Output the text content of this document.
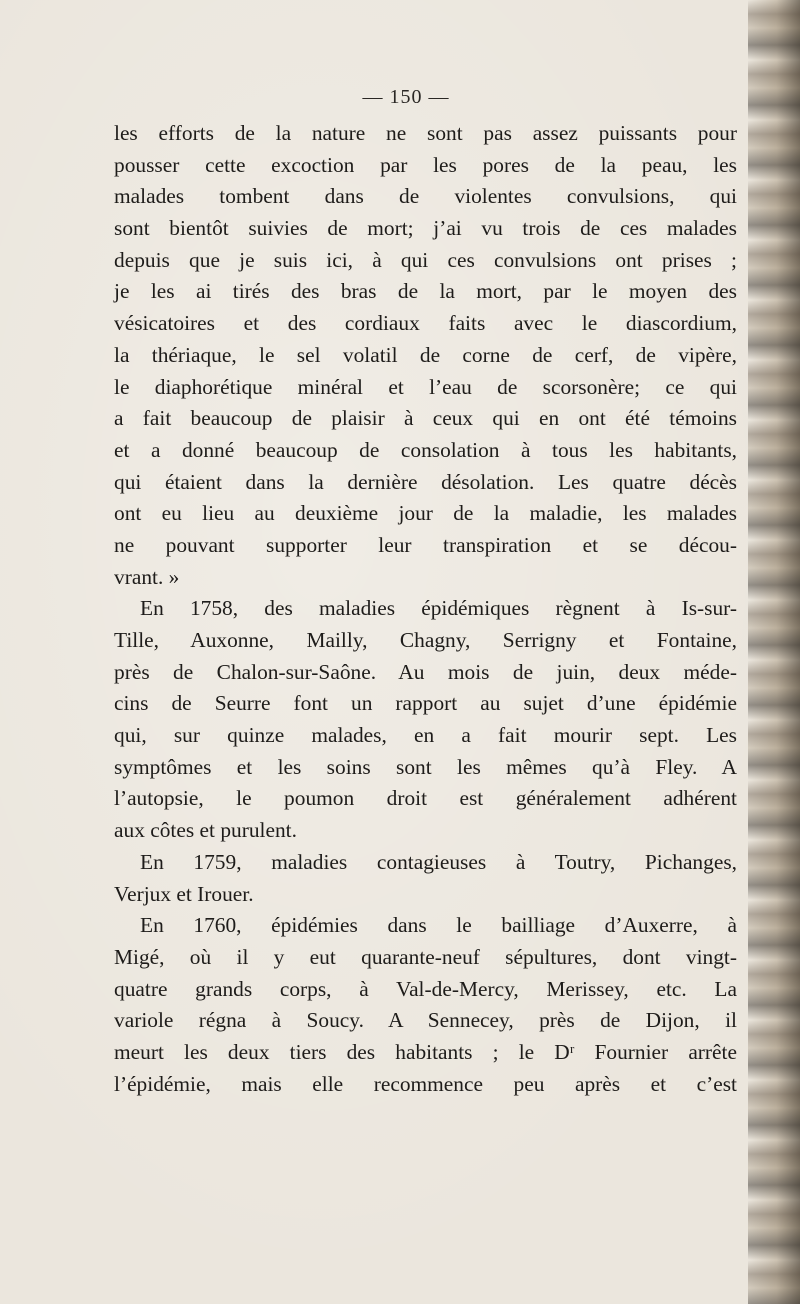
— 150 —
les efforts de la nature ne sont pas assez puissants pour
pousser cette excoction par les pores de la peau, les
malades tombent dans de violentes convulsions, qui
sont bientôt suivies de mort; j’ai vu trois de ces malades
depuis que je suis ici, à qui ces convulsions ont prises ;
je les ai tirés des bras de la mort, par le moyen des
vésicatoires et des cordiaux faits avec le diascordium,
la thériaque, le sel volatil de corne de cerf, de vipère,
le diaphorétique minéral et l’eau de scorsonère; ce qui
a fait beaucoup de plaisir à ceux qui en ont été témoins
et a donné beaucoup de consolation à tous les habitants,
qui étaient dans la dernière désolation. Les quatre décès
ont eu lieu au deuxième jour de la maladie, les malades
ne pouvant supporter leur transpiration et se décou-
vrant. »
En 1758, des maladies épidémiques règnent à Is-sur-
Tille, Auxonne, Mailly, Chagny, Serrigny et Fontaine,
près de Chalon-sur-Saône. Au mois de juin, deux méde-
cins de Seurre font un rapport au sujet d’une épidémie
qui, sur quinze malades, en a fait mourir sept. Les
symptômes et les soins sont les mêmes qu’à Fley. A
l’autopsie, le poumon droit est généralement adhérent
aux côtes et purulent.
En 1759, maladies contagieuses à Toutry, Pichanges,
Verjux et Irouer.
En 1760, épidémies dans le bailliage d’Auxerre, à
Migé, où il y eut quarante-neuf sépultures, dont vingt-
quatre grands corps, à Val-de-Mercy, Merissey, etc. La
variole régna à Soucy. A Sennecey, près de Dijon, il
meurt les deux tiers des habitants ; le Dʳ Fournier arrête
l’épidémie, mais elle recommence peu après et c’est
